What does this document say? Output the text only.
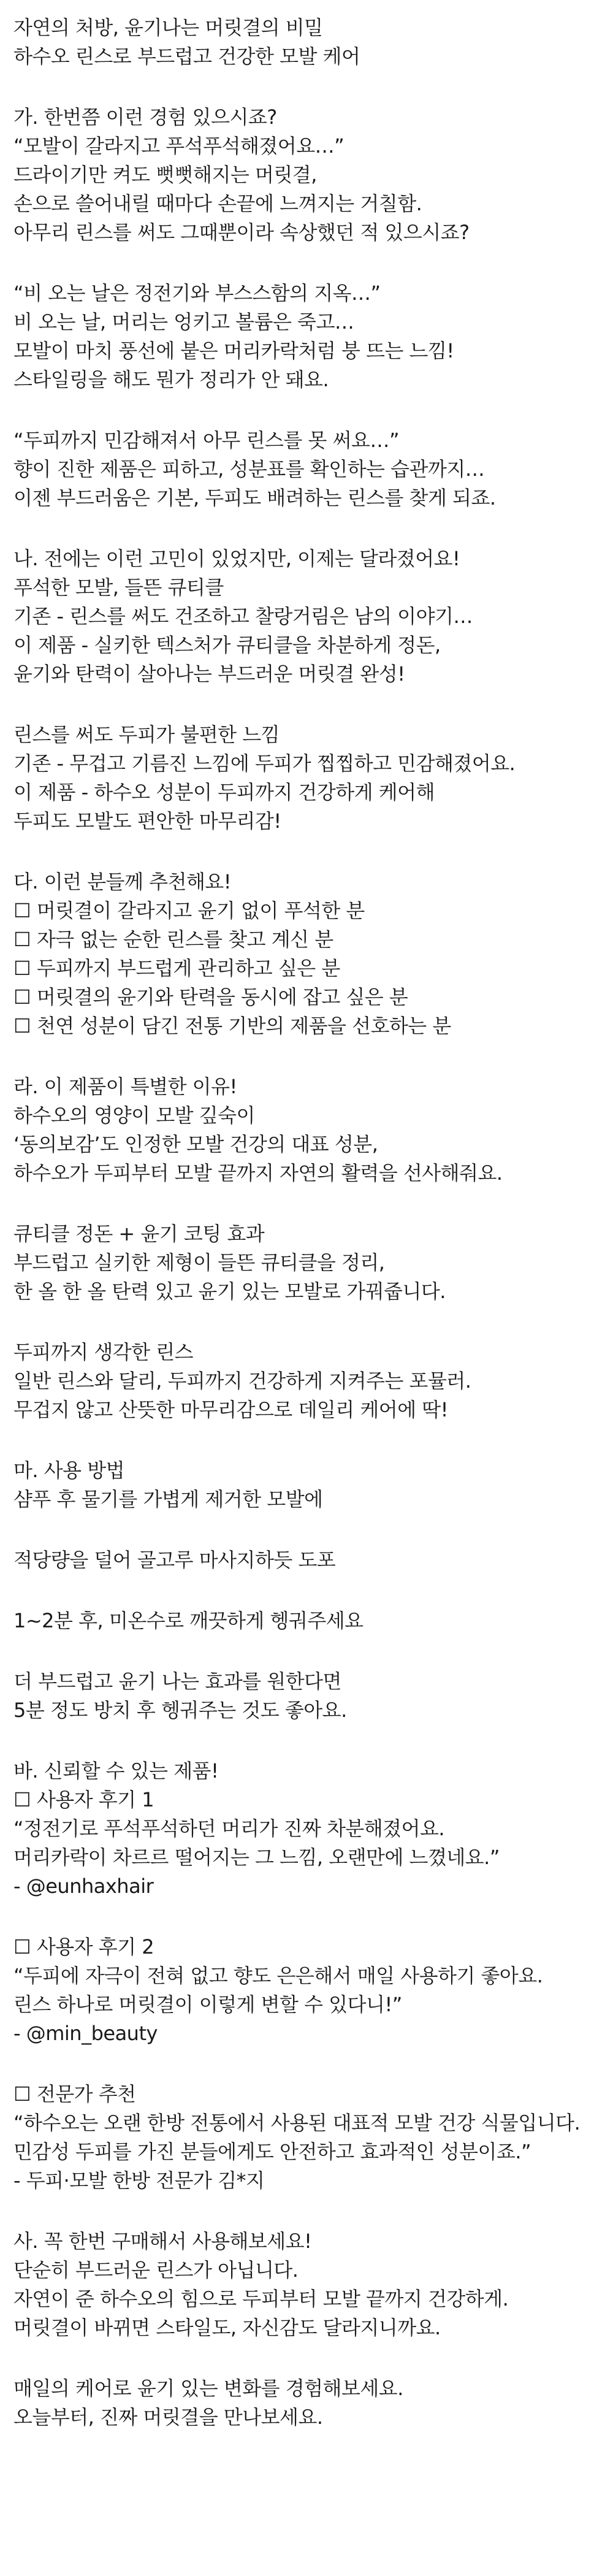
자연의 처방, 윤기나는 머릿결의 비밀
하수오 린스로 부드럽고 건강한 모발 케어
가. 한번쯤 이런 경험 있으시죠?
“모발이 갈라지고 푸석푸석해졌어요…”
드라이기만 켜도 뻣뻣해지는 머릿결,
손으로 쓸어내릴 때마다 손끝에 느껴지는 거칠함.
아무리 린스를 써도 그때뿐이라 속상했던 적 있으시죠?
“비 오는 날은 정전기와 부스스함의 지옥…”
비 오는 날, 머리는 엉키고 볼륨은 죽고…
모발이 마치 풍선에 붙은 머리카락처럼 붕 뜨는 느낌!
스타일링을 해도 뭔가 정리가 안 돼요.
“두피까지 민감해져서 아무 린스를 못 써요…”
향이 진한 제품은 피하고, 성분표를 확인하는 습관까지…
이젠 부드러움은 기본, 두피도 배려하는 린스를 찾게 되죠.
나. 전에는 이런 고민이 있었지만, 이제는 달라졌어요!
푸석한 모발, 들뜬 큐티클
기존 - 린스를 써도 건조하고 찰랑거림은 남의 이야기…
이 제품 - 실키한 텍스처가 큐티클을 차분하게 정돈,
윤기와 탄력이 살아나는 부드러운 머릿결 완성!
린스를 써도 두피가 불편한 느낌
기존 - 무겁고 기름진 느낌에 두피가 찝찝하고 민감해졌어요.
이 제품 - 하수오 성분이 두피까지 건강하게 케어해
두피도 모발도 편안한 마무리감!
다. 이런 분들께 추천해요!
☐ 머릿결이 갈라지고 윤기 없이 푸석한 분
☐ 자극 없는 순한 린스를 찾고 계신 분
☐ 두피까지 부드럽게 관리하고 싶은 분
☐ 머릿결의 윤기와 탄력을 동시에 잡고 싶은 분
☐ 천연 성분이 담긴 전통 기반의 제품을 선호하는 분
라. 이 제품이 특별한 이유!
하수오의 영양이 모발 깊숙이
‘동의보감’도 인정한 모발 건강의 대표 성분,
하수오가 두피부터 모발 끝까지 자연의 활력을 선사해줘요.
큐티클 정돈 + 윤기 코팅 효과
부드럽고 실키한 제형이 들뜬 큐티클을 정리,
한 올 한 올 탄력 있고 윤기 있는 모발로 가꿔줍니다.
두피까지 생각한 린스
일반 린스와 달리, 두피까지 건강하게 지켜주는 포뮬러.
무겁지 않고 산뜻한 마무리감으로 데일리 케어에 딱!
마. 사용 방법
샴푸 후 물기를 가볍게 제거한 모발에
적당량을 덜어 골고루 마사지하듯 도포
1~2분 후, 미온수로 깨끗하게 헹궈주세요
더 부드럽고 윤기 나는 효과를 원한다면
5분 정도 방치 후 헹궈주는 것도 좋아요.
바. 신뢰할 수 있는 제품!
☐ 사용자 후기 1
“정전기로 푸석푸석하던 머리가 진짜 차분해졌어요.
머리카락이 차르르 떨어지는 그 느낌, 오랜만에 느꼈네요.”
- @eunhaxhair
☐ 사용자 후기 2
“두피에 자극이 전혀 없고 향도 은은해서 매일 사용하기 좋아요.
린스 하나로 머릿결이 이렇게 변할 수 있다니!”
- @min_beauty
☐ 전문가 추천
“하수오는 오랜 한방 전통에서 사용된 대표적 모발 건강 식물입니다.
민감성 두피를 가진 분들에게도 안전하고 효과적인 성분이죠.”
- 두피·모발 한방 전문가 김*지
사. 꼭 한번 구매해서 사용해보세요!
단순히 부드러운 린스가 아닙니다.
자연이 준 하수오의 힘으로 두피부터 모발 끝까지 건강하게.
머릿결이 바뀌면 스타일도, 자신감도 달라지니까요.
매일의 케어로 윤기 있는 변화를 경험해보세요.
오늘부터, 진짜 머릿결을 만나보세요.
